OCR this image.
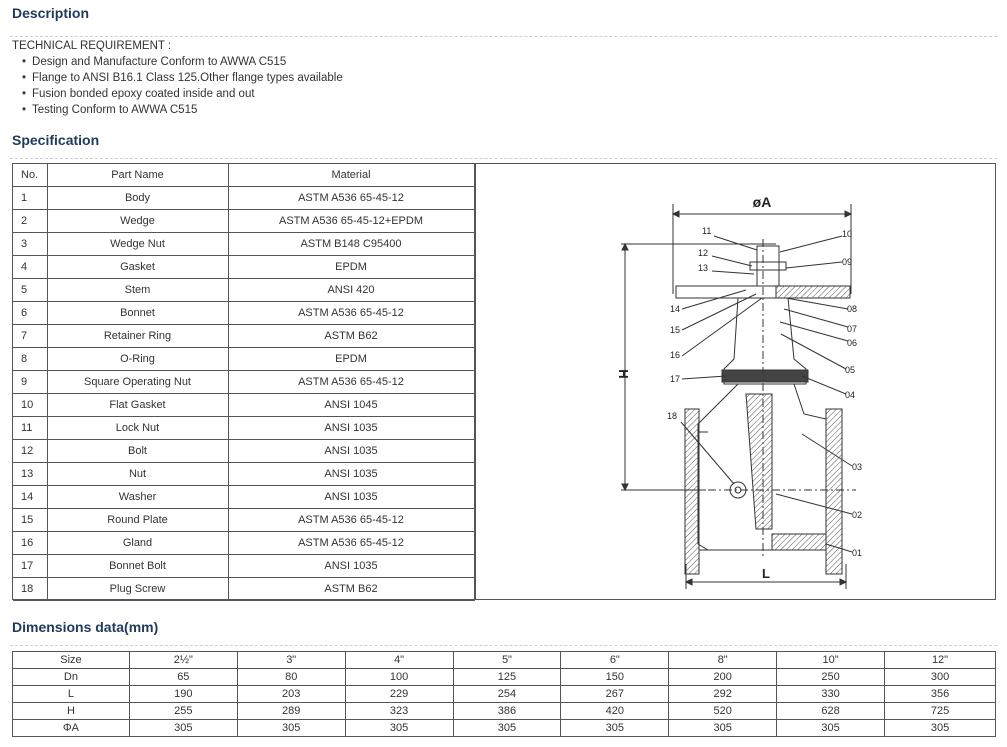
Description
TECHNICAL REQUIREMENT :
• Design and Manufacture Conform to AWWA C515
• Flange to ANSI B16.1 Class 125.Other flange types available
• Fusion bonded epoxy coated inside and out
• Testing Conform to AWWA C515
Specification
No.	Part Name	Material
1	Body	ASTM A536 65-45-12
2	Wedge	ASTM A536 65-45-12+EPDM
3	Wedge Nut	ASTM B148 C95400
4	Gasket	EPDM
5	Stem	ANSI 420
6	Bonnet	ASTM A536 65-45-12
7	Retainer Ring	ASTM B62
8	O-Ring	EPDM
9	Square Operating Nut	ASTM A536 65-45-12
10	Flat Gasket	ANSI 1045
11	Lock Nut	ANSI 1035
12	Bolt	ANSI 1035
13	Nut	ANSI 1035
14	Washer	ANSI 1035
15	Round Plate	ASTM A536 65-45-12
16	Gland	ASTM A536 65-45-12
17	Bonnet Bolt	ANSI 1035
18	Plug Screw	ASTM B62
øA
H
L
11
12
13
14
15
16
17
18
10
09
08
07
06
05
04
03
02
01
Dimensions data(mm)
Size	2½"	3"	4"	5"	6"	8"	10"	12"
Dn	65	80	100	125	150	200	250	300
L	190	203	229	254	267	292	330	356
H	255	289	323	386	420	520	628	725
ΦA	305	305	305	305	305	305	305	305
